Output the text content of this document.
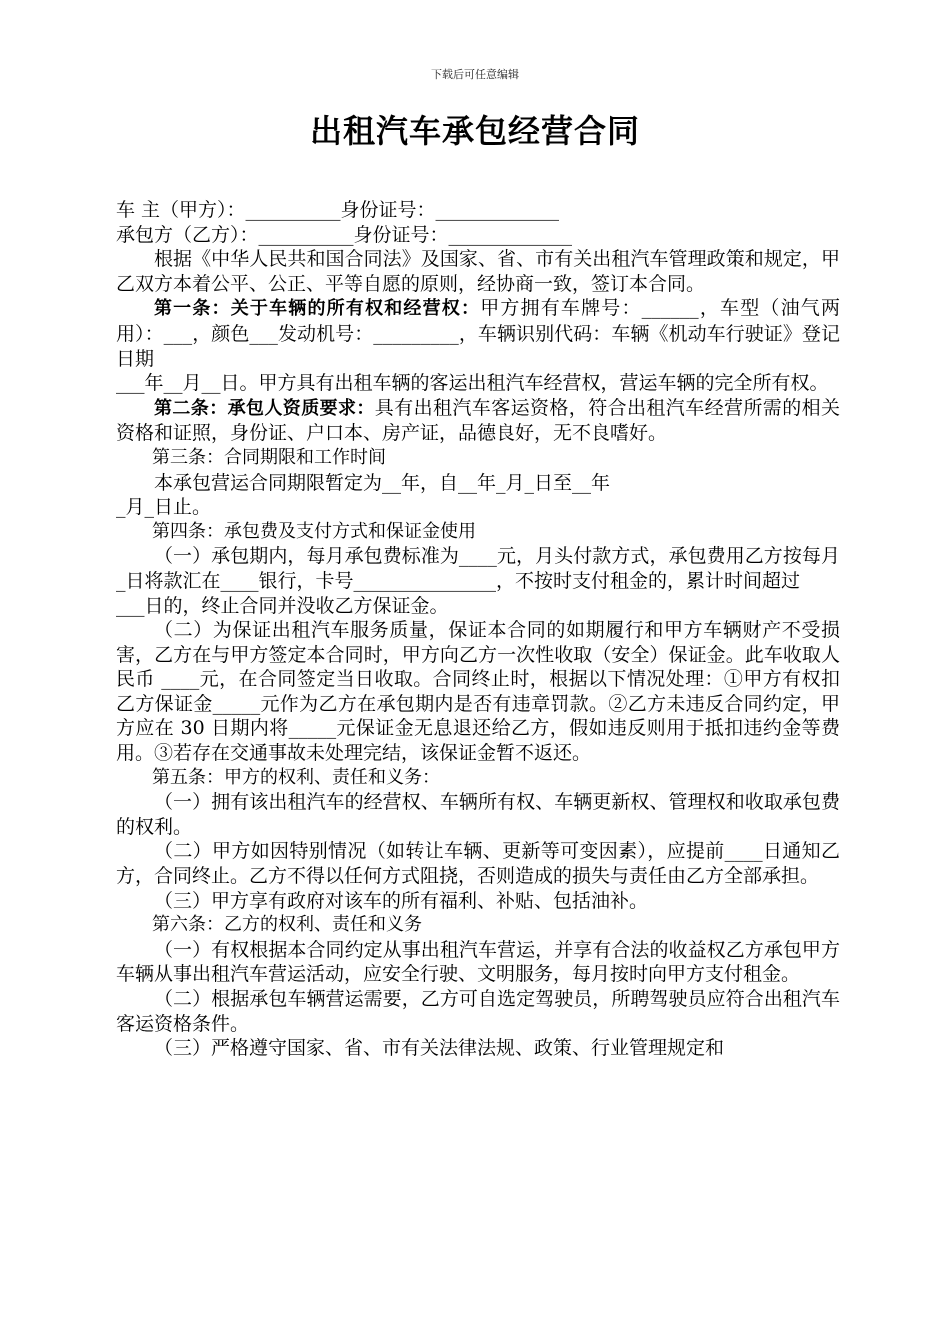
下载后可任意编辑
出租汽车承包经营合同

车 主（甲方）：__________身份证号：_____________

承包方（乙方）：__________身份证号：_____________

根据《中华人民共和国合同法》及国家、省、市有关出租汽车管理政策和规定，甲乙双方本着公平、公正、平等自愿的原则，经协商一致，签订本合同。

第一条：关于车辆的所有权和经营权：甲方拥有车牌号：______，车型（油气两用）：___，颜色___发动机号：_________，车辆识别代码：车辆《机动车行驶证》登记日期

___年__月__日。甲方具有出租车辆的客运出租汽车经营权，营运车辆的完全所有权。

第二条：承包人资质要求：具有出租汽车客运资格，符合出租汽车经营所需的相关资格和证照，身份证、户口本、房产证，品德良好，无不良嗜好。

第三条：合同期限和工作时间

本承包营运合同期限暂定为__年，自__年_月_日至__年

_月_日止。

第四条：承包费及支付方式和保证金使用

（一）承包期内，每月承包费标准为____元，月头付款方式，承包费用乙方按每月_日将款汇在____银行，卡号_______________，不按时支付租金的，累计时间超过

___日的，终止合同并没收乙方保证金。

（二）为保证出租汽车服务质量，保证本合同的如期履行和甲方车辆财产不受损害，乙方在与甲方签定本合同时，甲方向乙方一次性收取（安全）保证金。此车收取人民币 ____元，在合同签定当日收取。合同终止时，根据以下情况处理：①甲方有权扣乙方保证金_____元作为乙方在承包期内是否有违章罚款。②乙方未违反合同约定，甲方应在 30 日期内将_____元保证金无息退还给乙方，假如违反则用于抵扣违约金等费用。③若存在交通事故未处理完结，该保证金暂不返还。

第五条：甲方的权利、责任和义务：

（一）拥有该出租汽车的经营权、车辆所有权、车辆更新权、管理权和收取承包费的权利。

（二）甲方如因特别情况（如转让车辆、更新等可变因素），应提前____日通知乙方，合同终止。乙方不得以任何方式阻挠，否则造成的损失与责任由乙方全部承担。

（三）甲方享有政府对该车的所有福利、补贴、包括油补。

第六条：乙方的权利、责任和义务

（一）有权根据本合同约定从事出租汽车营运，并享有合法的收益权乙方承包甲方车辆从事出租汽车营运活动，应安全行驶、文明服务，每月按时向甲方支付租金。

（二）根据承包车辆营运需要，乙方可自选定驾驶员，所聘驾驶员应符合出租汽车客运资格条件。

（三）严格遵守国家、省、市有关法律法规、政策、行业管理规定和
